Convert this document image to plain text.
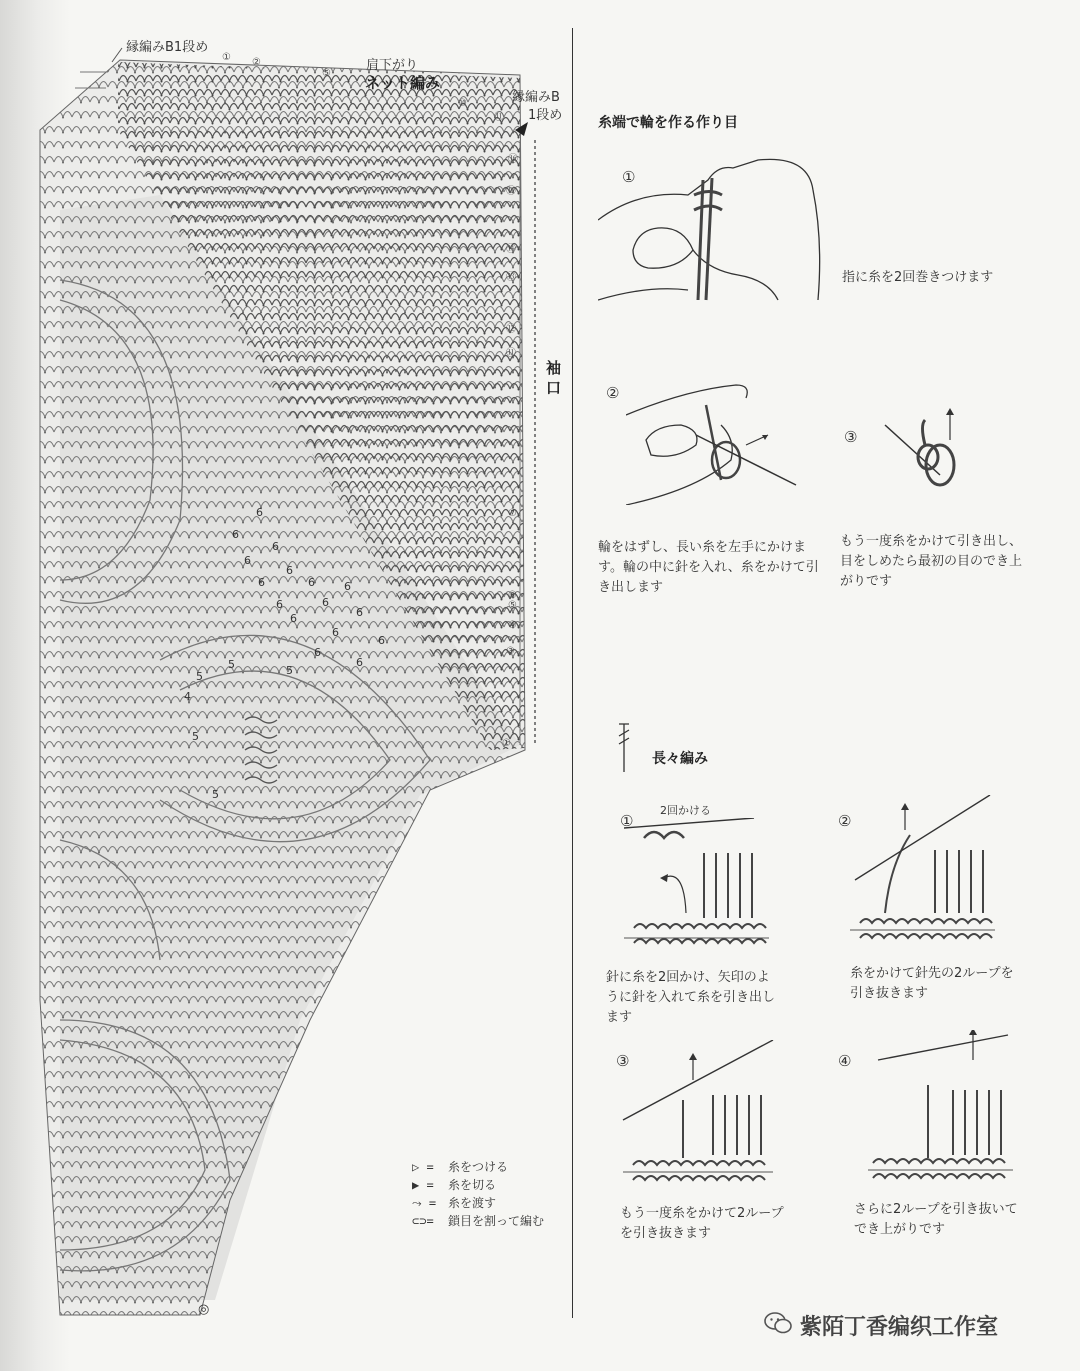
縁編みB1段め
肩下がり
ネット編み
縁編みB
1段め
袖口
◎
① ②
⑤
⑩
⑪
⑯
⑮
⑭
⑬
⑫
⑪
⑦
⑥
⑤
④
③
①
6
6
6
6
6
6	6	6
6	6
6
6
6
6
6
6
5	5
5
4
5
5
▷ = 糸をつける
▶ = 糸を切る
⤳ = 糸を渡す
⊂⊃= 鎖目を割って編む
糸端で輪を作る作り目
①
指に糸を2回巻きつけます
②
輪をはずし、長い糸を左手にかけます。輪の中に針を入れ、糸をかけて引き出します
③
もう一度糸をかけて引き出し、目をしめたら最初の目のでき上がりです
長々編み
①
2回かける
針に糸を2回かけ、矢印のように針を入れて糸を引き出します
②
糸をかけて針先の2ループを引き抜きます
③
もう一度糸をかけて2ループを引き抜きます
④
さらに2ループを引き抜いてでき上がりです
紫陌丁香编织工作室
